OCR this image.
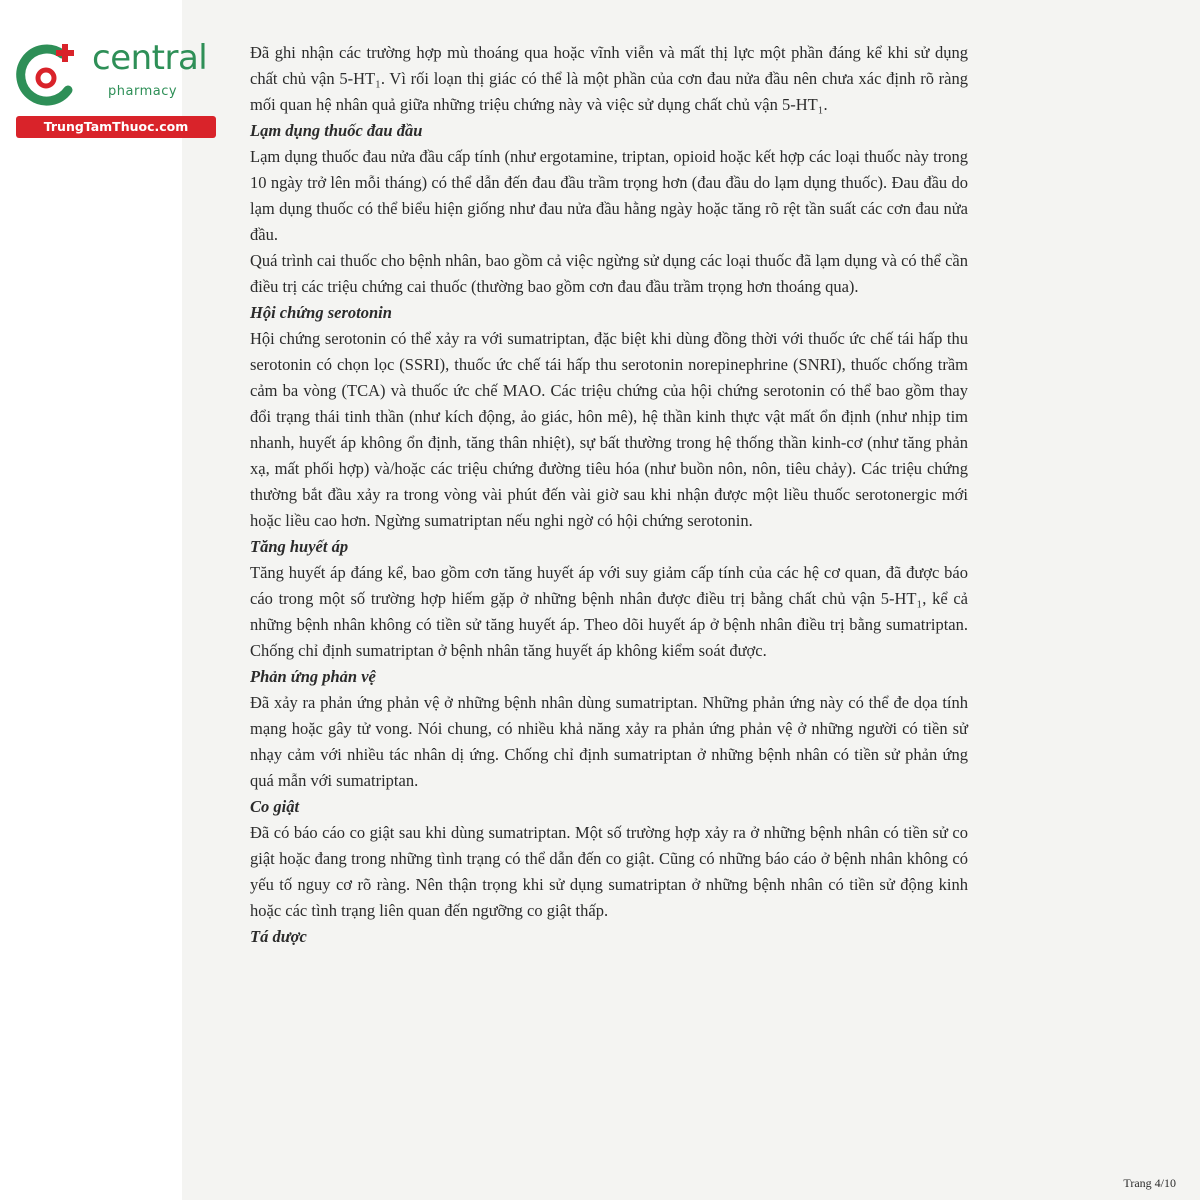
central
pharmacy
TrungTamThuoc.com

Đã ghi nhận các trường hợp mù thoáng qua hoặc vĩnh viễn và mất thị lực một phần đáng kể khi sử dụng chất chủ vận 5-HT₁. Vì rối loạn thị giác có thể là một phần của cơn đau nửa đầu nên chưa xác định rõ ràng mối quan hệ nhân quả giữa những triệu chứng này và việc sử dụng chất chủ vận 5-HT₁.

Lạm dụng thuốc đau đầu

Lạm dụng thuốc đau nửa đầu cấp tính (như ergotamine, triptan, opioid hoặc kết hợp các loại thuốc này trong 10 ngày trở lên mỗi tháng) có thể dẫn đến đau đầu trầm trọng hơn (đau đầu do lạm dụng thuốc). Đau đầu do lạm dụng thuốc có thể biểu hiện giống như đau nửa đầu hằng ngày hoặc tăng rõ rệt tần suất các cơn đau nửa đầu.

Quá trình cai thuốc cho bệnh nhân, bao gồm cả việc ngừng sử dụng các loại thuốc đã lạm dụng và có thể cần điều trị các triệu chứng cai thuốc (thường bao gồm cơn đau đầu trầm trọng hơn thoáng qua).

Hội chứng serotonin

Hội chứng serotonin có thể xảy ra với sumatriptan, đặc biệt khi dùng đồng thời với thuốc ức chế tái hấp thu serotonin có chọn lọc (SSRI), thuốc ức chế tái hấp thu serotonin norepinephrine (SNRI), thuốc chống trầm cảm ba vòng (TCA) và thuốc ức chế MAO. Các triệu chứng của hội chứng serotonin có thể bao gồm thay đổi trạng thái tinh thần (như kích động, ảo giác, hôn mê), hệ thần kinh thực vật mất ổn định (như nhịp tim nhanh, huyết áp không ổn định, tăng thân nhiệt), sự bất thường trong hệ thống thần kinh-cơ (như tăng phản xạ, mất phối hợp) và/hoặc các triệu chứng đường tiêu hóa (như buồn nôn, nôn, tiêu chảy). Các triệu chứng thường bắt đầu xảy ra trong vòng vài phút đến vài giờ sau khi nhận được một liều thuốc serotonergic mới hoặc liều cao hơn. Ngừng sumatriptan nếu nghi ngờ có hội chứng serotonin.

Tăng huyết áp

Tăng huyết áp đáng kể, bao gồm cơn tăng huyết áp với suy giảm cấp tính của các hệ cơ quan, đã được báo cáo trong một số trường hợp hiếm gặp ở những bệnh nhân được điều trị bằng chất chủ vận 5-HT₁, kể cả những bệnh nhân không có tiền sử tăng huyết áp. Theo dõi huyết áp ở bệnh nhân điều trị bằng sumatriptan. Chống chỉ định sumatriptan ở bệnh nhân tăng huyết áp không kiểm soát được.

Phản ứng phản vệ

Đã xảy ra phản ứng phản vệ ở những bệnh nhân dùng sumatriptan. Những phản ứng này có thể đe dọa tính mạng hoặc gây tử vong. Nói chung, có nhiều khả năng xảy ra phản ứng phản vệ ở những người có tiền sử nhạy cảm với nhiều tác nhân dị ứng. Chống chỉ định sumatriptan ở những bệnh nhân có tiền sử phản ứng quá mẫn với sumatriptan.

Co giật

Đã có báo cáo co giật sau khi dùng sumatriptan. Một số trường hợp xảy ra ở những bệnh nhân có tiền sử co giật hoặc đang trong những tình trạng có thể dẫn đến co giật. Cũng có những báo cáo ở bệnh nhân không có yếu tố nguy cơ rõ ràng. Nên thận trọng khi sử dụng sumatriptan ở những bệnh nhân có tiền sử động kinh hoặc các tình trạng liên quan đến ngưỡng co giật thấp.

Tá dược
Trang 4/10
